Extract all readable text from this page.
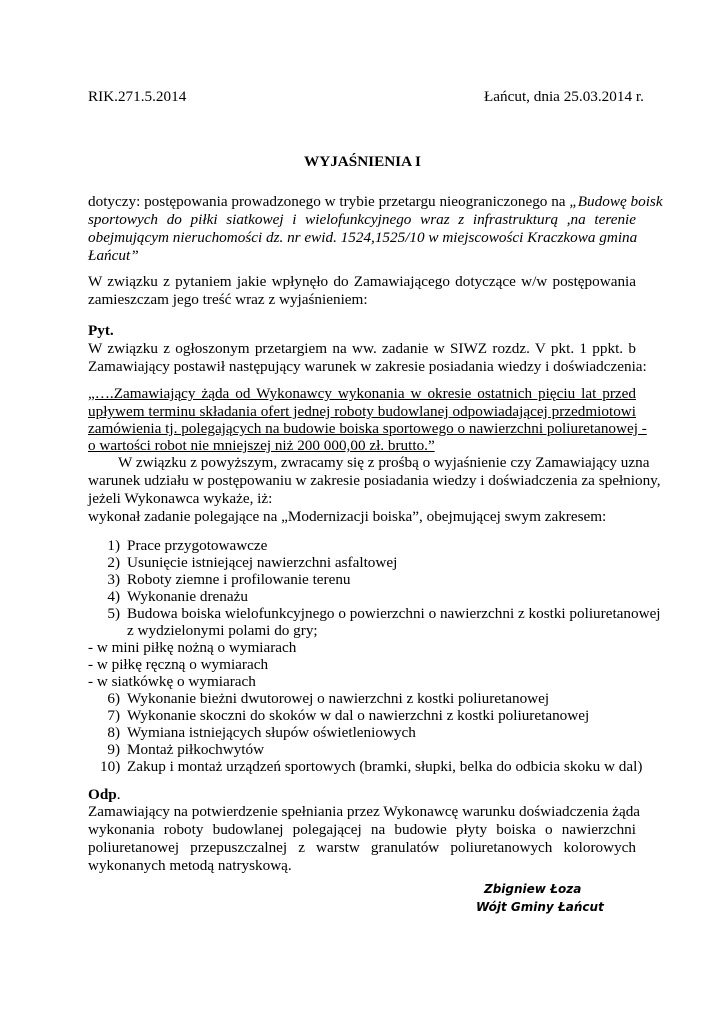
RIK.271.5.2014	Łańcut, dnia 25.03.2014 r.
WYJAŚNIENIA I
dotyczy: postępowania prowadzonego w trybie przetargu nieograniczonego na „Budowę boisk
sportowych do piłki siatkowej i wielofunkcyjnego wraz z infrastrukturą ,na terenie
obejmującym nieruchomości dz. nr ewid. 1524,1525/10 w miejscowości Kraczkowa gmina
Łańcut”
W związku z pytaniem jakie wpłynęło do Zamawiającego dotyczące w/w postępowania
zamieszczam jego treść wraz z wyjaśnieniem:
Pyt.
W związku z ogłoszonym przetargiem na ww. zadanie w SIWZ rozdz. V pkt. 1 ppkt. b
Zamawiający postawił następujący warunek w zakresie posiadania wiedzy i doświadczenia:
„….Zamawiający żąda od Wykonawcy wykonania w okresie ostatnich pięciu lat przed
upływem terminu składania ofert jednej roboty budowlanej odpowiadającej przedmiotowi
zamówienia tj. polegających na budowie boiska sportowego o nawierzchni poliuretanowej -
o wartości robot nie mniejszej niż 200 000,00 zł. brutto.”
W związku z powyższym, zwracamy się z prośbą o wyjaśnienie czy Zamawiający uzna
warunek udziału w postępowaniu w zakresie posiadania wiedzy i doświadczenia za spełniony,
jeżeli Wykonawca wykaże, iż:
wykonał zadanie polegające na „Modernizacji boiska”, obejmującej swym zakresem:
1) Prace przygotowawcze
2) Usunięcie istniejącej nawierzchni asfaltowej
3) Roboty ziemne i profilowanie terenu
4) Wykonanie drenażu
5) Budowa boiska wielofunkcyjnego o powierzchni o nawierzchni z kostki poliuretanowej
z wydzielonymi polami do gry;
- w mini piłkę nożną o wymiarach
- w piłkę ręczną o wymiarach
- w siatkówkę o wymiarach
6) Wykonanie bieżni dwutorowej o nawierzchni z kostki poliuretanowej
7) Wykonanie skoczni do skoków w dal o nawierzchni z kostki poliuretanowej
8) Wymiana istniejących słupów oświetleniowych
9) Montaż piłkochwytów
10) Zakup i montaż urządzeń sportowych (bramki, słupki, belka do odbicia skoku w dal)
Odp.
Zamawiający na potwierdzenie spełniania przez Wykonawcę warunku doświadczenia żąda
wykonania roboty budowlanej polegającej na budowie płyty boiska o nawierzchni
poliuretanowej przepuszczalnej z warstw granulatów poliuretanowych kolorowych
wykonanych metodą natryskową.
Zbigniew Łoza
Wójt Gminy Łańcut
